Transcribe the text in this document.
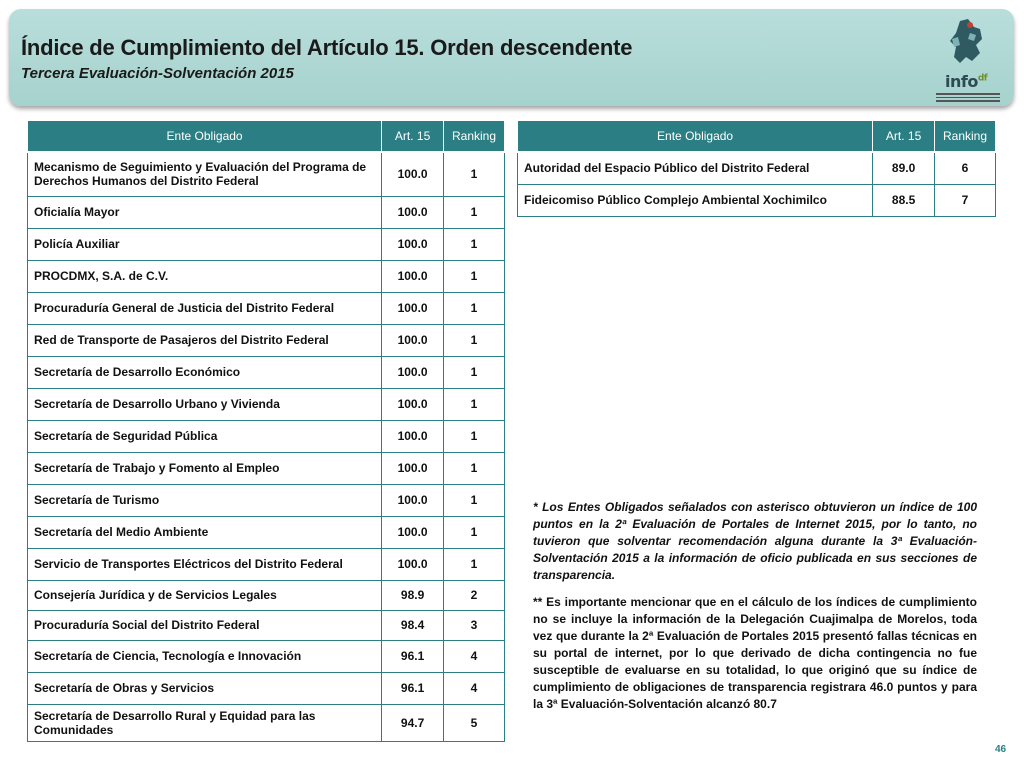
Índice de Cumplimiento del Artículo 15. Orden descendente
Tercera Evaluación-Solventación 2015	info$^{df}$
Ente Obligado	Art. 15	Ranking
Mecanismo de Seguimiento y Evaluación del Programa de Derechos Humanos del Distrito Federal	100.0	1
Oficialía Mayor	100.0	1
Policía Auxiliar	100.0	1
PROCDMX, S.A. de C.V.	100.0	1
Procuraduría General de Justicia del Distrito Federal	100.0	1
Red de Transporte de Pasajeros del Distrito Federal	100.0	1
Secretaría de Desarrollo Económico	100.0	1
Secretaría de Desarrollo Urbano y Vivienda	100.0	1
Secretaría de Seguridad Pública	100.0	1
Secretaría de Trabajo y Fomento al Empleo	100.0	1
Secretaría de Turismo	100.0	1
Secretaría del Medio Ambiente	100.0	1
Servicio de Transportes Eléctricos del Distrito Federal	100.0	1
Consejería Jurídica y de Servicios Legales	98.9	2
Procuraduría Social del Distrito Federal	98.4	3
Secretaría de Ciencia, Tecnología e Innovación	96.1	4
Secretaría de Obras y Servicios	96.1	4
Secretaría de Desarrollo Rural y Equidad para las Comunidades	94.7	5
Ente Obligado	Art. 15	Ranking
Autoridad del Espacio Público del Distrito Federal	89.0	6
Fideicomiso Público Complejo Ambiental Xochimilco	88.5	7

* Los Entes Obligados señalados con asterisco obtuvieron un índice de 100 puntos en la 2ª Evaluación de Portales de Internet 2015, por lo tanto, no tuvieron que solventar recomendación alguna durante la 3ª Evaluación-Solventación 2015 a la información de oficio publicada en sus secciones de transparencia.

** Es importante mencionar que en el cálculo de los índices de cumplimiento no se incluye la información de la Delegación Cuajimalpa de Morelos, toda vez que durante la 2ª Evaluación de Portales 2015 presentó fallas técnicas en su portal de internet, por lo que derivado de dicha contingencia no fue susceptible de evaluarse en su totalidad, lo que originó que su índice de cumplimiento de obligaciones de transparencia registrara 46.0 puntos y para la 3ª Evaluación-Solventación alcanzó 80.7

46
